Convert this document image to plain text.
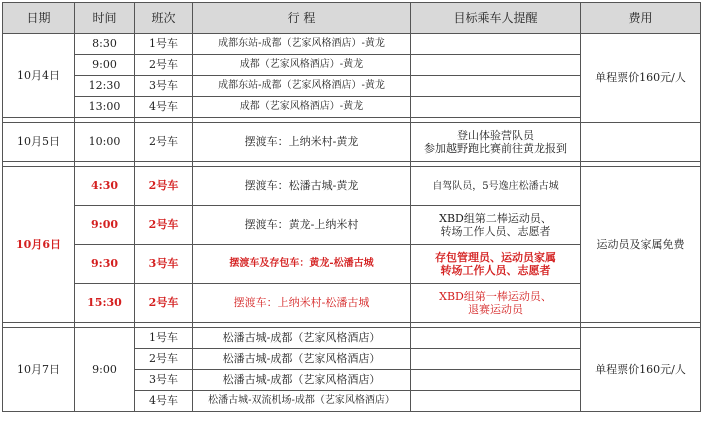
日期	时间	班次	行 程	目标乘车人提醒	费用
10月4日	8:30	1号车	成都东站-成都（艺家风格酒店）-黄龙		单程票价160元/人
	9:00	2号车	成都（艺家风格酒店）-黄龙		
	12:30	3号车	成都东站-成都（艺家风格酒店）-黄龙		
	13:00	4号车	成都（艺家风格酒店）-黄龙		

10月5日	10:00	2号车	摆渡车：上纳米村-黄龙	登山体验营队员
参加越野跑比赛前往黄龙报到	

10月6日	4:30	2号车	摆渡车：松潘古城-黄龙	自驾队员，5号逸庄松潘古城	运动员及家属免费
	9:00	2号车	摆渡车：黄龙-上纳米村	XBD组第二棒运动员、
转场工作人员、志愿者	

	9:30	3号车	摆渡车及存包车：黄龙-松潘古城	存包管理员、运动员家属
转场工作人员、志愿者	

	15:30	2号车	摆渡车：上纳米村-松潘古城	XBD组第一棒运动员、
退赛运动员	

10月7日	9:00	1号车	松潘古城-成都（艺家风格酒店）		单程票价160元/人
		2号车	松潘古城-成都（艺家风格酒店）		
		3号车	松潘古城-成都（艺家风格酒店）		
		4号车	松潘古城-双流机场-成都（艺家风格酒店）		
